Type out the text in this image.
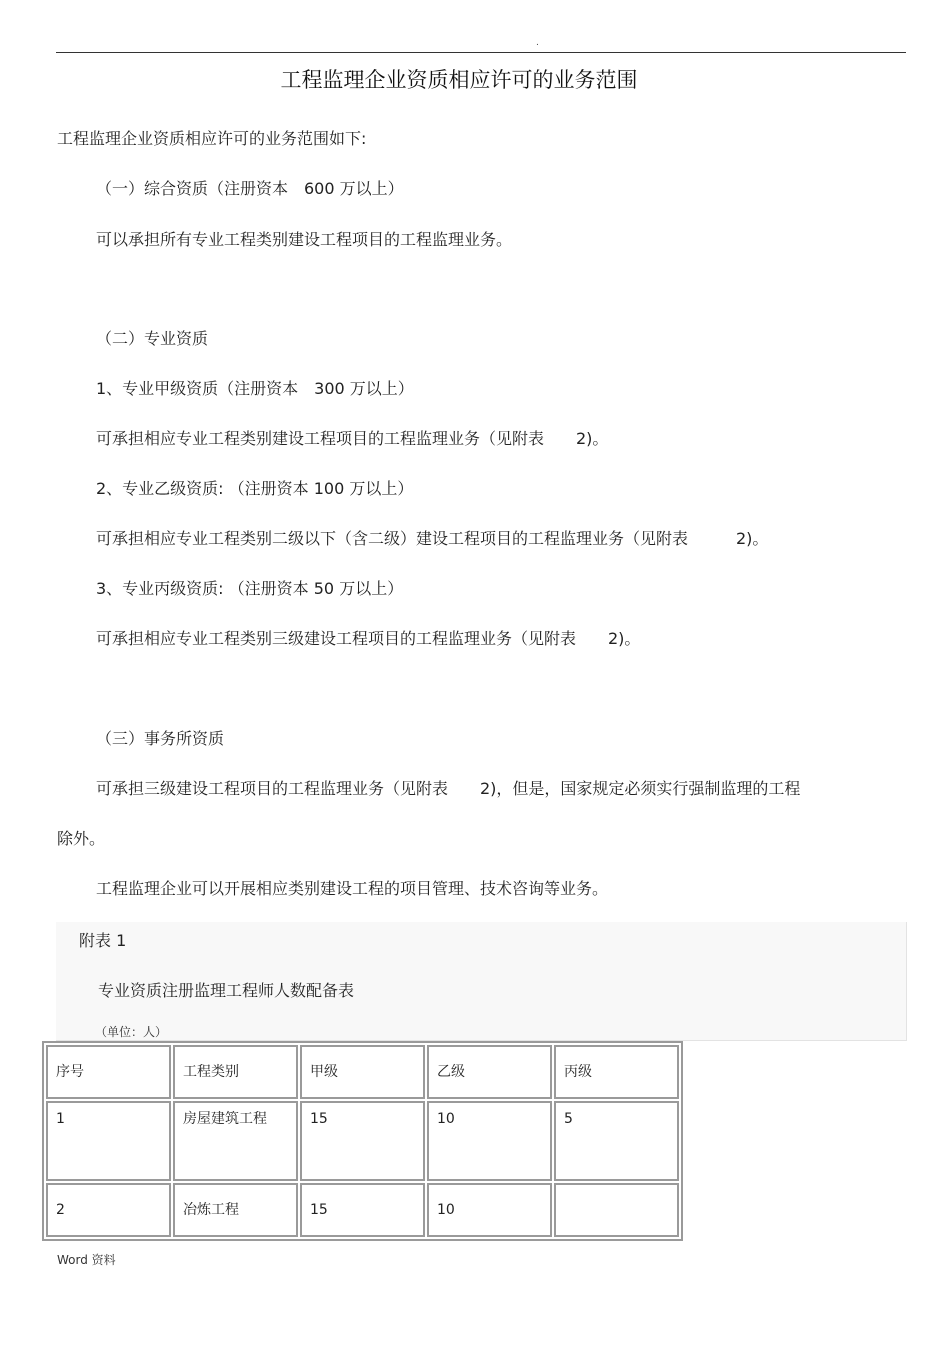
.
工程监理企业资质相应许可的业务范围
工程监理企业资质相应许可的业务范围如下:
（一）综合资质（注册资本　600 万以上）
可以承担所有专业工程类别建设工程项目的工程监理业务。
（二）专业资质
1、专业甲级资质（注册资本　300 万以上）
可承担相应专业工程类别建设工程项目的工程监理业务（见附表　　2)。
2、专业乙级资质: （注册资本 100 万以上）
可承担相应专业工程类别二级以下（含二级）建设工程项目的工程监理业务（见附表　　　2)。
3、专业丙级资质: （注册资本 50 万以上）
可承担相应专业工程类别三级建设工程项目的工程监理业务（见附表　　2)。
（三）事务所资质
可承担三级建设工程项目的工程监理业务（见附表　　2)，但是，国家规定必须实行强制监理的工程
除外。
工程监理企业可以开展相应类别建设工程的项目管理、技术咨询等业务。
附表 1
专业资质注册监理工程师人数配备表
（单位：人）
序号	工程类别	甲级	乙级	丙级
1	房屋建筑工程	15	10	5
2	冶炼工程	15	10	
Word 资料
